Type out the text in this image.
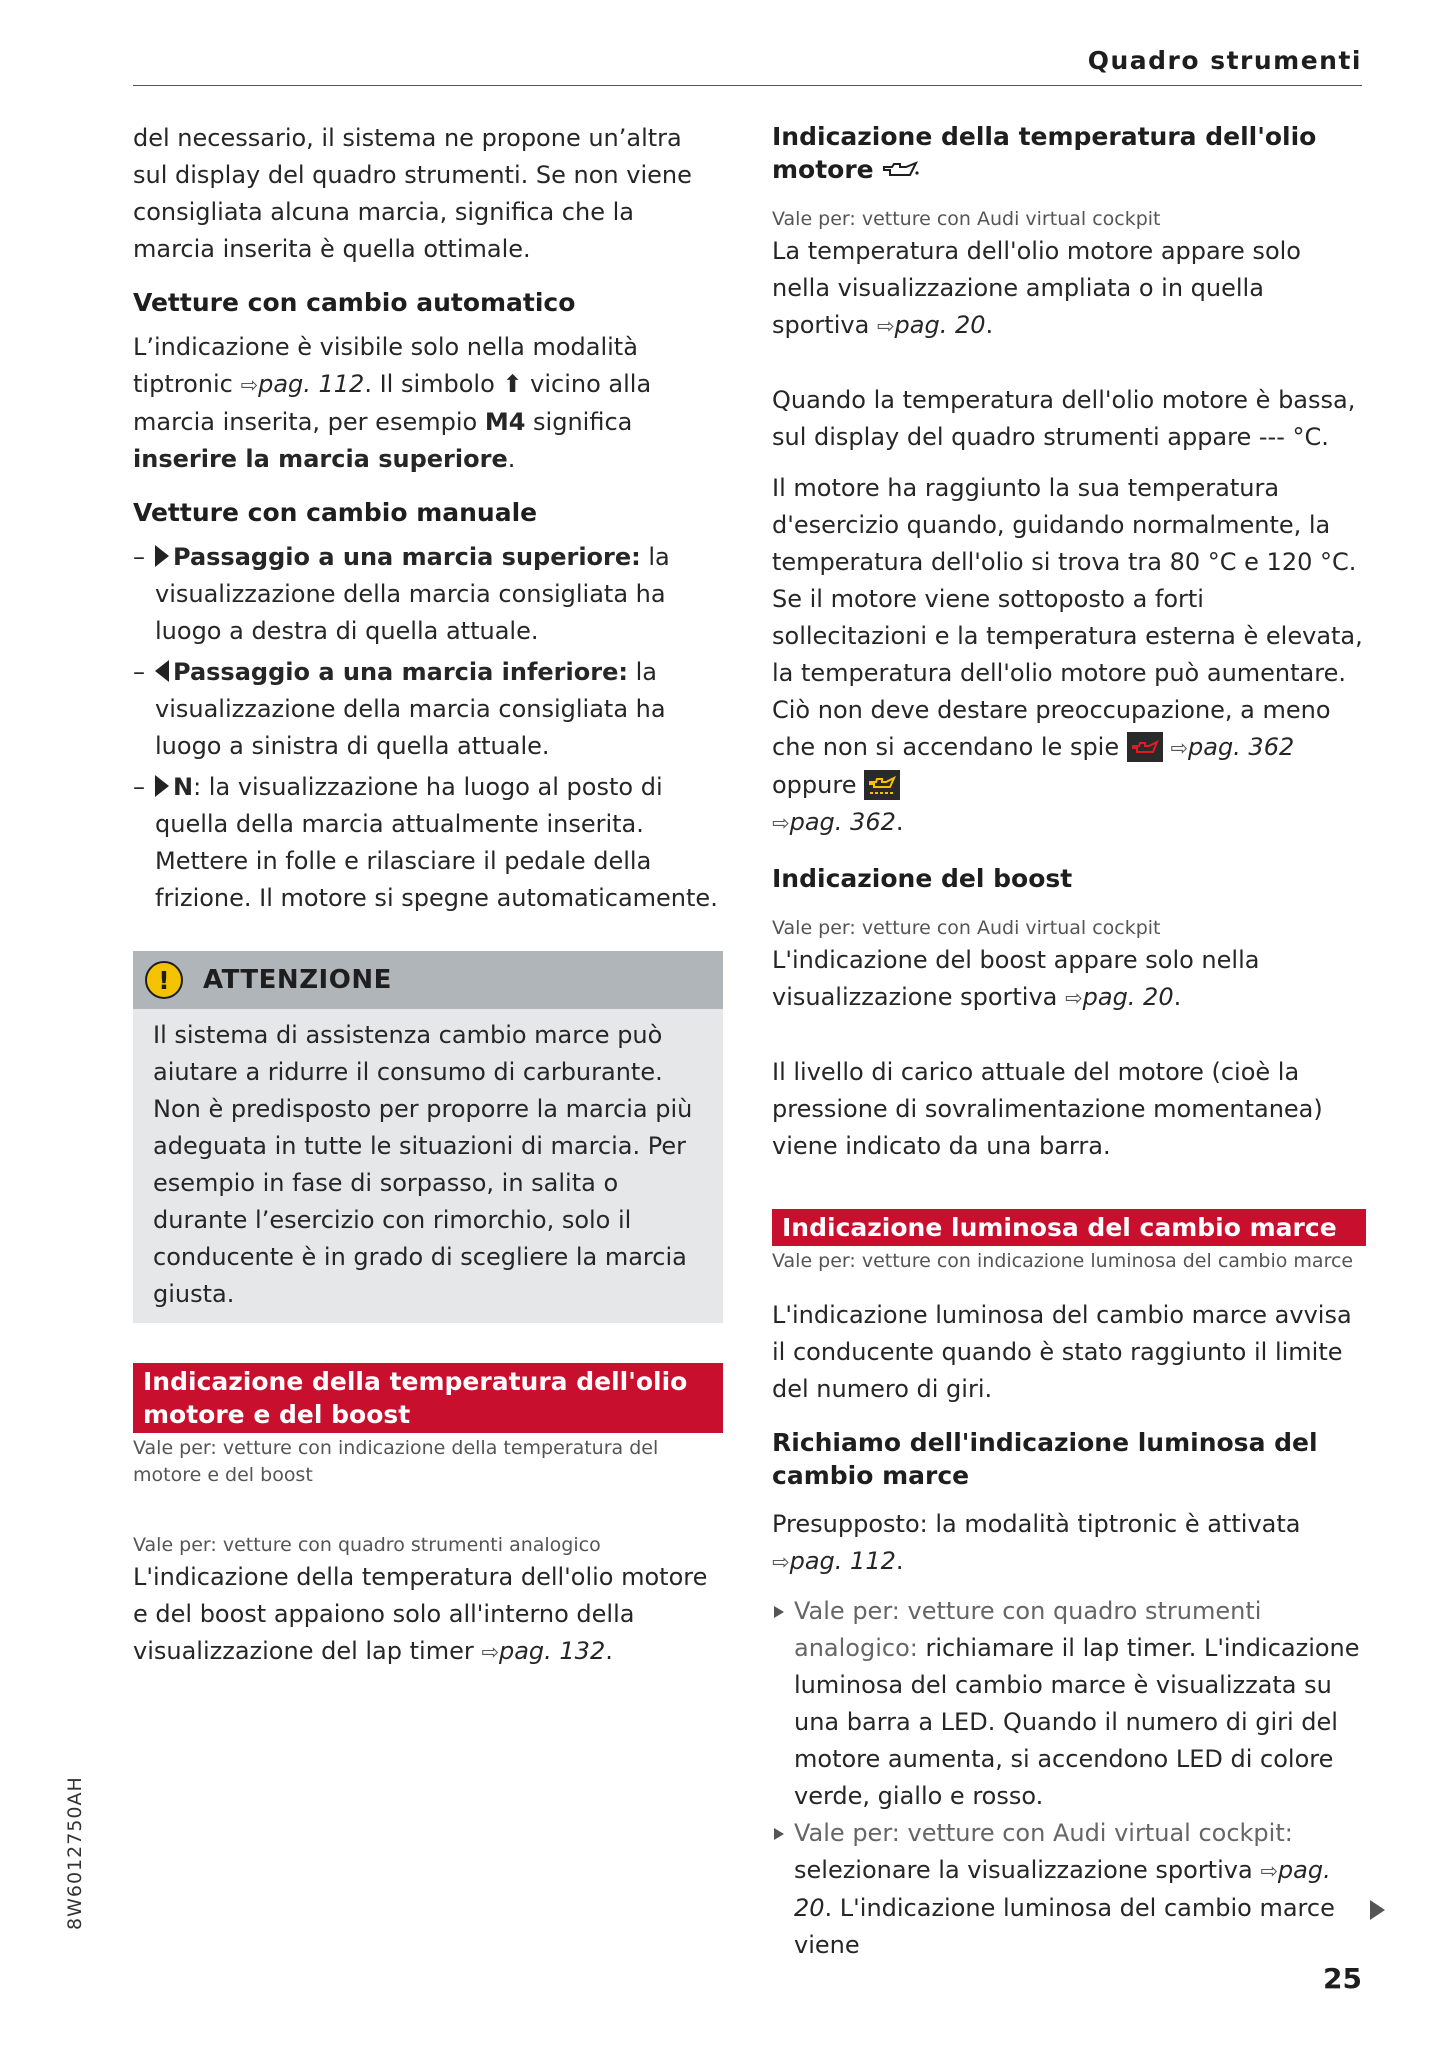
Quadro strumenti

del necessario, il sistema ne propone un’altra sul display del quadro strumenti. Se non viene consigliata alcuna marcia, significa che la marcia inserita è quella ottimale.

Vetture con cambio automatico

L’indicazione è visibile solo nella modalità tiptronic ⇨pag. 112. Il simbolo ⬆ vicino alla marcia inserita, per esempio M4 significa inserire la marcia superiore.

Vetture con cambio manuale
– Passaggio a una marcia superiore: la visualizzazione della marcia consigliata ha luogo a destra di quella attuale.
– Passaggio a una marcia inferiore: la visualizzazione della marcia consigliata ha luogo a sinistra di quella attuale.
– N: la visualizzazione ha luogo al posto di quella della marcia attualmente inserita. Mettere in folle e rilasciare il pedale della frizione. Il motore si spegne automaticamente.
!	ATTENZIONE

Il sistema di assistenza cambio marce può aiutare a ridurre il consumo di carburante. Non è predisposto per proporre la marcia più adeguata in tutte le situazioni di marcia. Per esempio in fase di sorpasso, in salita o durante l’esercizio con rimorchio, solo il conducente è in grado di scegliere la marcia giusta.

Indicazione della temperatura dell'olio motore e del boost
Vale per: vetture con indicazione della temperatura del motore e del boost
Vale per: vetture con quadro strumenti analogico

L'indicazione della temperatura dell'olio motore e del boost appaiono solo all'interno della visualizzazione del lap timer ⇨pag. 132.

Indicazione della temperatura dell'olio motore
Vale per: vetture con Audi virtual cockpit

La temperatura dell'olio motore appare solo nella visualizzazione ampliata o in quella sportiva ⇨pag. 20.

Quando la temperatura dell'olio motore è bassa, sul display del quadro strumenti appare --- °C.

Il motore ha raggiunto la sua temperatura d'esercizio quando, guidando normalmente, la temperatura dell'olio si trova tra 80 °C e 120 °C. Se il motore viene sottoposto a forti sollecitazioni e la temperatura esterna è elevata, la temperatura dell'olio motore può aumentare. Ciò non deve destare preoccupazione, a meno che non si accendano le spie ⇨pag. 362 oppure
⇨pag. 362.

Indicazione del boost
Vale per: vetture con Audi virtual cockpit

L'indicazione del boost appare solo nella visualizzazione sportiva ⇨pag. 20.

Il livello di carico attuale del motore (cioè la pressione di sovralimentazione momentanea) viene indicato da una barra.

Indicazione luminosa del cambio marce
Vale per: vetture con indicazione luminosa del cambio marce

L'indicazione luminosa del cambio marce avvisa il conducente quando è stato raggiunto il limite del numero di giri.

Richiamo dell'indicazione luminosa del cambio marce

Presupposto: la modalità tiptronic è attivata
⇨pag. 112.

Vale per: vetture con quadro strumenti analogico: richiamare il lap timer. L'indicazione luminosa del cambio marce è visualizzata su una barra a LED. Quando il numero di giri del motore aumenta, si accendono LED di colore verde, giallo e rosso.
Vale per: vetture con Audi virtual cockpit: selezionare la visualizzazione sportiva ⇨pag. 20. L'indicazione luminosa del cambio marce viene
8W6012750AH
25
